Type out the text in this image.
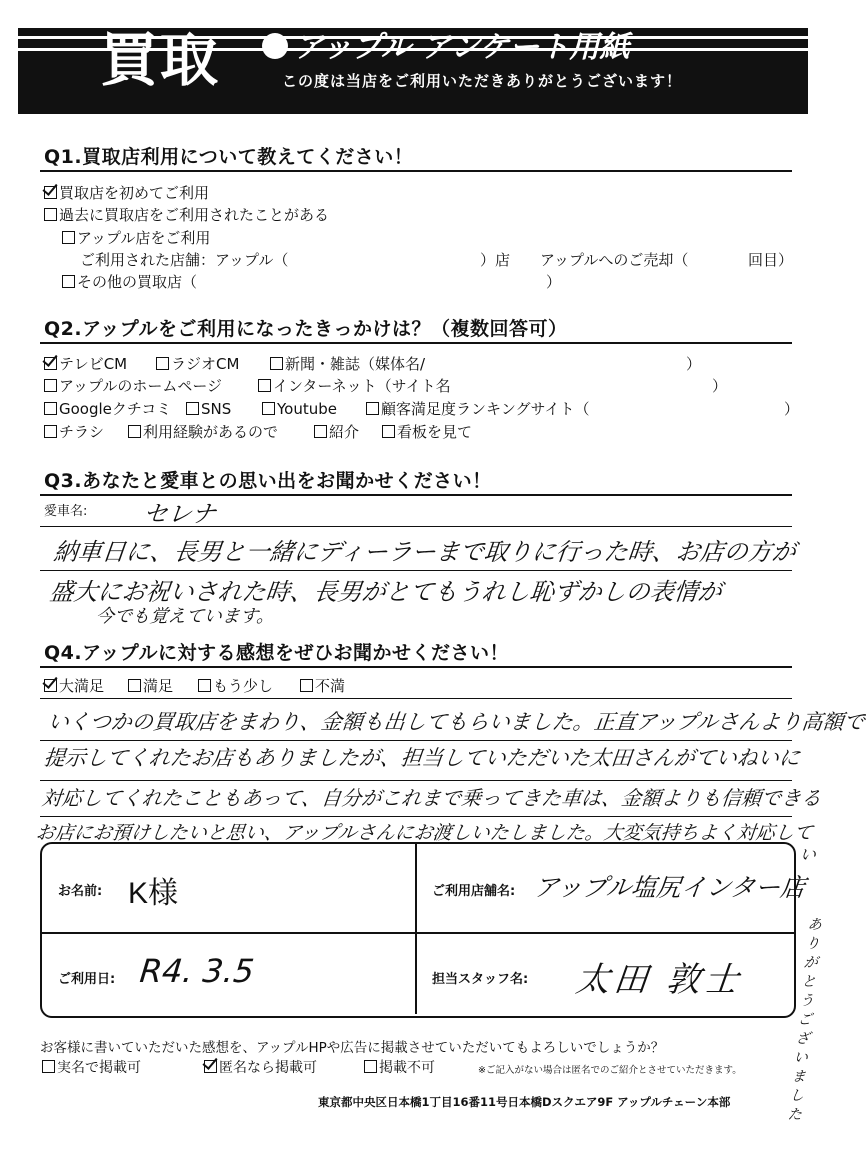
買取	アップル アンケート用紙
この度は当店をご利用いただきありがとうございます！
Q1.買取店利用について教えてください！
買取店を初めてご利用
過去に買取店をご利用されたことがある
アップル店をご利用
ご利用された店舗：アップル（	）店 アップルへのご売却（	回目）
その他の買取店（	）
Q2.アップルをご利用になったきっかけは？（複数回答可）
テレビCM	ラジオCM	新聞・雑誌（媒体名/	）
アップルのホームページ	インターネット（サイト名	）
Googleクチコミ	SNS	Youtube	顧客満足度ランキングサイト（	）
チラシ	利用経験があるので	紹介	看板を見て
Q3.あなたと愛車との思い出をお聞かせください！
愛車名: セレナ
納車日に、長男と一緒にディーラーまで取りに行った時、お店の方が
盛大にお祝いされた時、長男がとてもうれし恥ずかしの表情が
今でも覚えています。
Q4.アップルに対する感想をぜひお聞かせください！
大満足	満足	もう少し	不満
いくつかの買取店をまわり、金額も出してもらいました。正直アップルさんより高額で
提示してくれたお店もありましたが、担当していただいた太田さんがていねいに
対応してくれたこともあって、自分がこれまで乗ってきた車は、金額よりも信頼できる
お店にお預けしたいと思い、アップルさんにお渡しいたしました。大変気持ちよく対応して
い
お名前: K様	ご利用店舗名: アップル塩尻インター店
ご利用日: R4. 3.5	担当スタッフ名: 太田 敦士
ありがとうございました
お客様に書いていただいた感想を、アップルHPや広告に掲載させていただいてもよろしいでしょうか？
実名で掲載可	匿名なら掲載可	掲載不可	※ご記入がない場合は匿名でのご紹介とさせていただきます。
東京都中央区日本橋1丁目16番11号日本橋Dスクエア9F アップルチェーン本部
